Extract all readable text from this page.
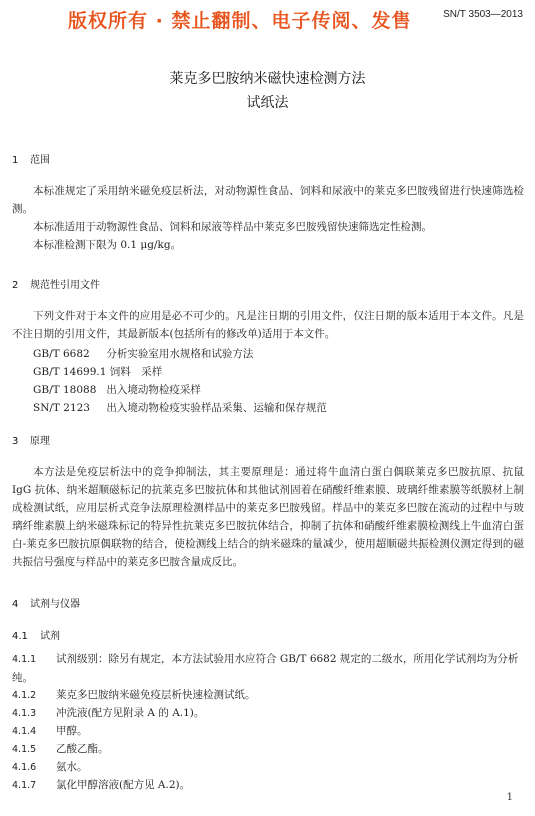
版权所有 · 禁止翻制、电子传阅、发售	SN/T 3503—2013
莱克多巴胺纳米磁快速检测方法
试纸法
1 范围
本标准规定了采用纳米磁免疫层析法，对动物源性食品、饲料和尿液中的莱克多巴胺残留进行快速筛选检测。
本标准适用于动物源性食品、饲料和尿液等样品中莱克多巴胺残留快速筛选定性检测。
本标准检测下限为 0.1 μg/kg。
2 规范性引用文件
下列文件对于本文件的应用是必不可少的。凡是注日期的引用文件，仅注日期的版本适用于本文件。凡是不注日期的引用文件，其最新版本(包括所有的修改单)适用于本文件。
GB/T 6682 分析实验室用水规格和试验方法
GB/T 14699.1 饲料　采样
GB/T 18088 出入境动物检疫采样
SN/T 2123 出入境动物检疫实验样品采集、运输和保存规范
3 原理
本方法是免疫层析法中的竞争抑制法，其主要原理是：通过将牛血清白蛋白偶联莱克多巴胺抗原、抗鼠 IgG 抗体、纳米超顺磁标记的抗莱克多巴胺抗体和其他试剂固着在硝酸纤维素膜、玻璃纤维素膜等纸膜材上制成检测试纸，应用层析式竞争法原理检测样品中的莱克多巴胺残留。样品中的莱克多巴胺在流动的过程中与玻璃纤维素膜上纳米磁珠标记的特异性抗莱克多巴胺抗体结合，抑制了抗体和硝酸纤维素膜检测线上牛血清白蛋白-莱克多巴胺抗原偶联物的结合，使检测线上结合的纳米磁珠的量减少，使用超顺磁共振检测仪测定得到的磁共振信号强度与样品中的莱克多巴胺含量成反比。
4 试剂与仪器
4.1 试剂
4.1.1 试剂级别：除另有规定，本方法试验用水应符合 GB/T 6682 规定的二级水，所用化学试剂均为分析纯。
4.1.2 莱克多巴胺纳米磁免疫层析快速检测试纸。
4.1.3 冲洗液(配方见附录 A 的 A.1)。
4.1.4 甲醇。
4.1.5 乙酸乙酯。
4.1.6 氨水。
4.1.7 氯化甲醇溶液(配方见 A.2)。
1
